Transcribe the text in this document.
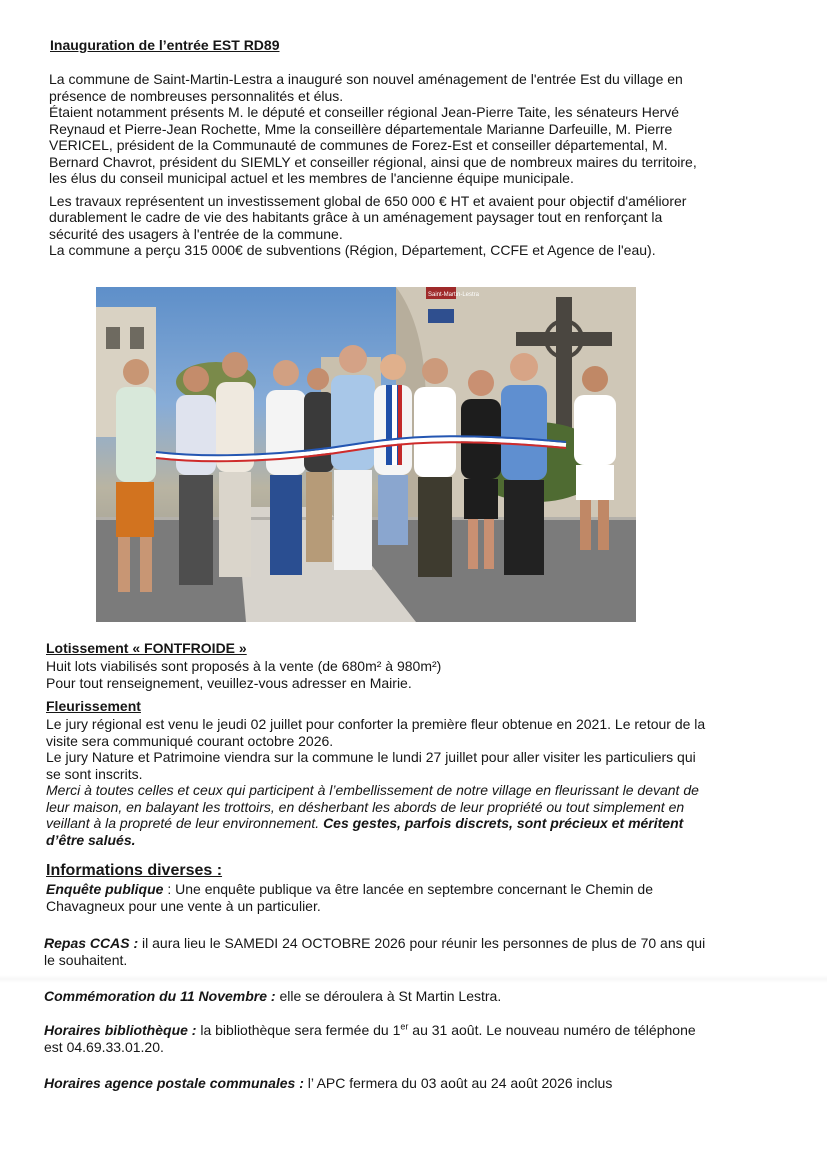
Inauguration de l’entrée EST RD89

La commune de Saint-Martin-Lestra a inauguré son nouvel aménagement de l'entrée Est du village en

présence de nombreuses personnalités et élus.

Étaient notamment présents M. le député et conseiller régional Jean-Pierre Taite, les sénateurs Hervé

Reynaud et Pierre-Jean Rochette, Mme la conseillère départementale Marianne Darfeuille, M. Pierre

VERICEL, président de la Communauté de communes de Forez-Est et conseiller départemental, M.

Bernard Chavrot, président du SIEMLY et conseiller régional, ainsi que de nombreux maires du territoire,

les élus du conseil municipal actuel et les membres de l'ancienne équipe municipale.

Les travaux représentent un investissement global de 650 000 € HT et avaient pour objectif d'améliorer

durablement le cadre de vie des habitants grâce à un aménagement paysager tout en renforçant la

sécurité des usagers à l'entrée de la commune.

La commune a perçu 315 000€ de subventions (Région, Département, CCFE et Agence de l'eau).

Saint-Martin-Lestra
Lotissement « FONTFROIDE »

Huit lots viabilisés sont proposés à la vente (de 680m² à 980m²)

Pour tout renseignement, veuillez-vous adresser en Mairie.

Fleurissement

Le jury régional est venu le jeudi 02 juillet pour conforter la première fleur obtenue en 2021. Le retour de la

visite sera communiqué courant octobre 2026.

Le jury Nature et Patrimoine viendra sur la commune le lundi 27 juillet pour aller visiter les particuliers qui

se sont inscrits.

Merci à toutes celles et ceux qui participent à l’embellissement de notre village en fleurissant le devant de

leur maison, en balayant les trottoirs, en désherbant les abords de leur propriété ou tout simplement en

veillant à la propreté de leur environnement. Ces gestes, parfois discrets, sont précieux et méritent

d’être salués.

Informations diverses :

Enquête publique : Une enquête publique va être lancée en septembre concernant le Chemin de

Chavagneux pour une vente à un particulier.

Repas CCAS : il aura lieu le SAMEDI 24 OCTOBRE 2026 pour réunir les personnes de plus de 70 ans qui

le souhaitent.

Commémoration du 11 Novembre : elle se déroulera à St Martin Lestra.

Horaires bibliothèque : la bibliothèque sera fermée du 1er au 31 août. Le nouveau numéro de téléphone

est 04.69.33.01.20.

Horaires agence postale communales : l’ APC fermera du 03 août au 24 août 2026 inclus
